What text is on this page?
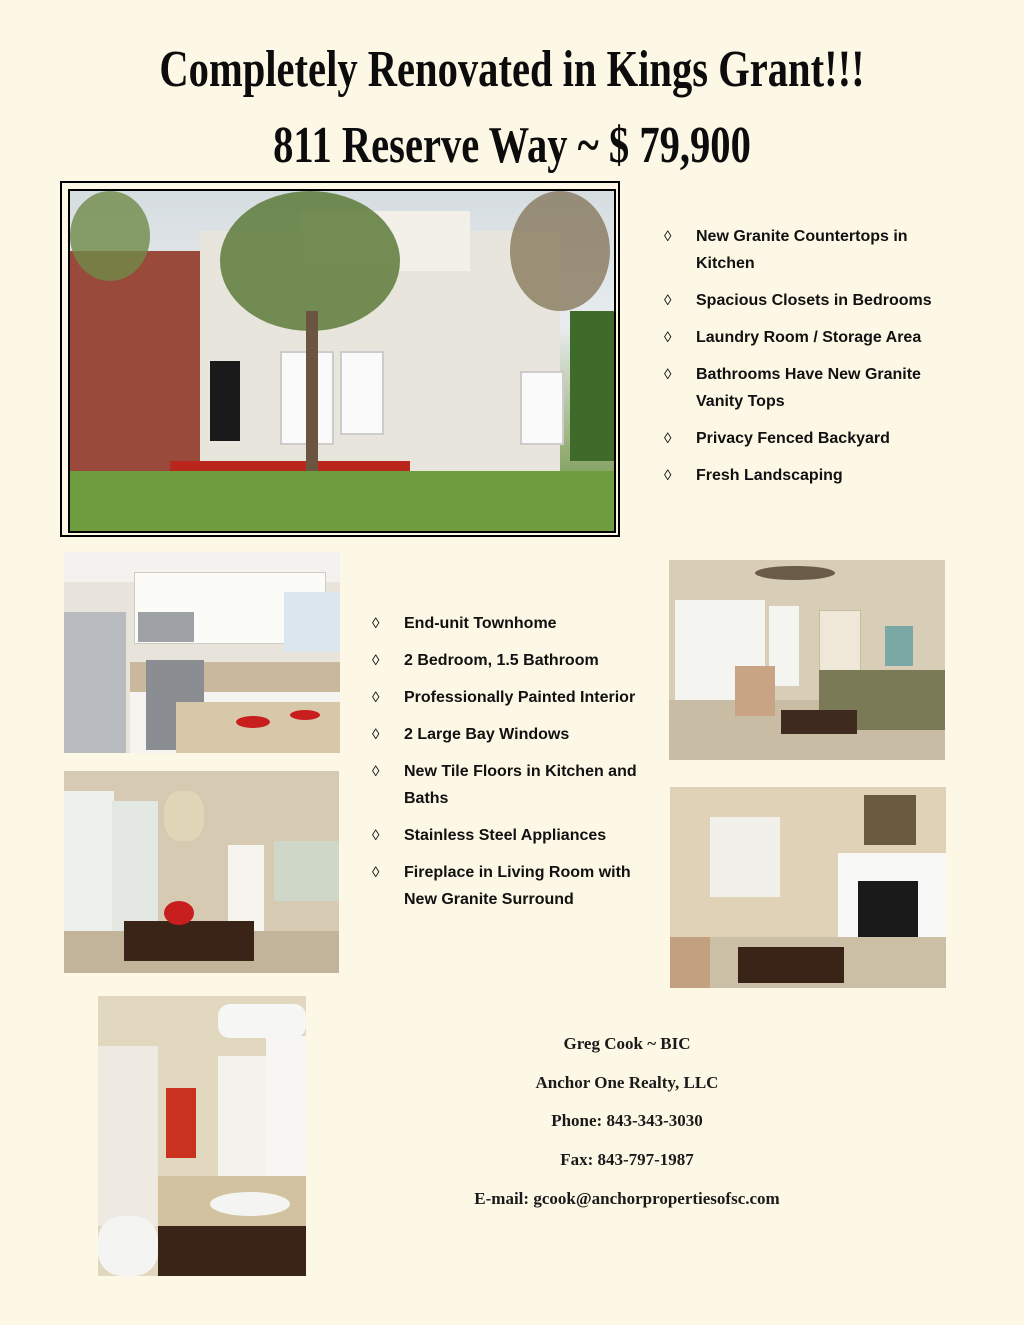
Completely Renovated in Kings Grant!!!
811 Reserve Way ~ $ 79,900
◊ New Granite Countertops in Kitchen
◊ Spacious Closets in Bedrooms
◊ Laundry Room / Storage Area
◊ Bathrooms Have New Granite Vanity Tops
◊ Privacy Fenced Backyard
◊ Fresh Landscaping
◊ End-unit Townhome
◊ 2 Bedroom, 1.5 Bathroom
◊ Professionally Painted Interior
◊ 2 Large Bay Windows
◊ New Tile Floors in Kitchen and Baths
◊ Stainless Steel Appliances
◊ Fireplace in Living Room with New Granite Surround
Greg Cook ~ BIC
Anchor One Realty, LLC
Phone: 843-343-3030
Fax: 843-797-1987
E-mail: gcook@anchorpropertiesofsc.com
